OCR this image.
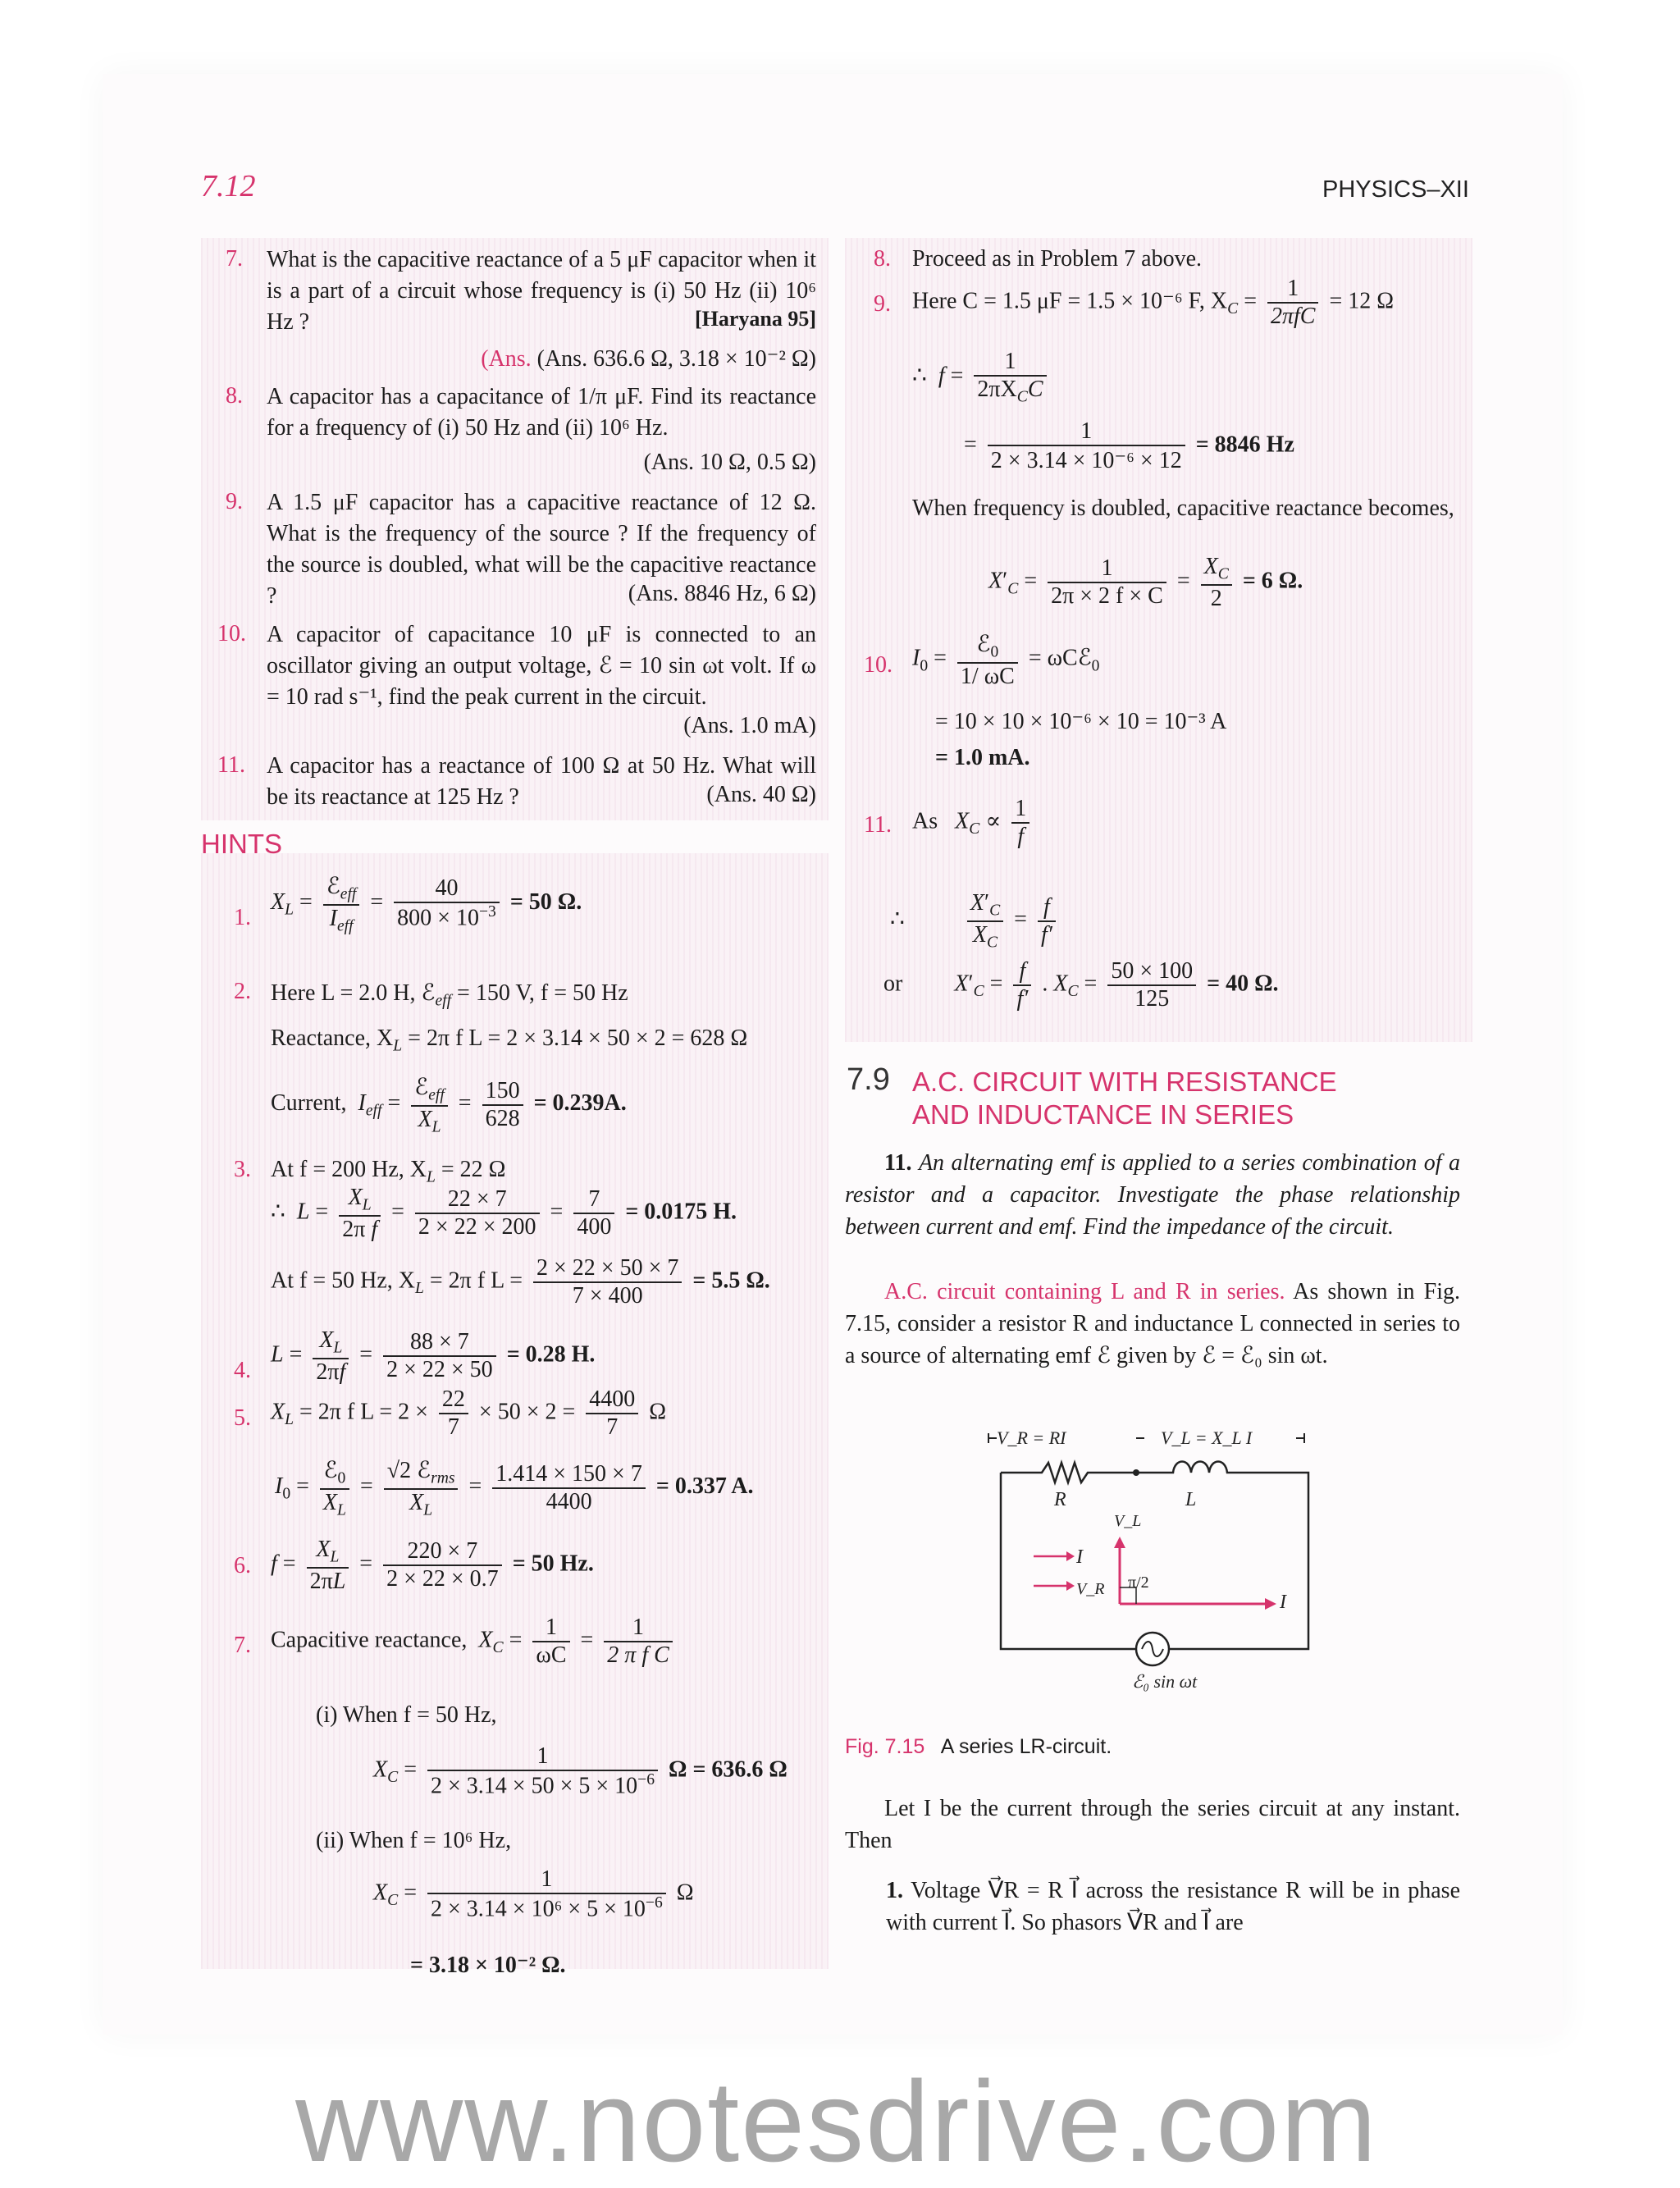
7.12	PHYSICS–XII
7. What is the capacitive reactance of a 5 μF capacitor when it is a part of a circuit whose frequency is (i) 50 Hz (ii) 10⁶ Hz ?	[Haryana 95]
(Ans. (Ans. 636.6 Ω, 3.18 × 10⁻² Ω)
8. A capacitor has a capacitance of 1/π μF. Find its reactance for a frequency of (i) 50 Hz and (ii) 10⁶ Hz.
(Ans. 10 Ω, 0.5 Ω)
9. A 1.5 μF capacitor has a capacitive reactance of 12 Ω. What is the frequency of the source ? If the frequency of the source is doubled, what will be the capacitive reactance ?	(Ans. 8846 Hz, 6 Ω)
10. A capacitor of capacitance 10 μF is connected to an oscillator giving an output voltage, ℰ = 10 sin ωt volt. If ω = 10 rad s⁻¹, find the peak current in the circuit.
(Ans. 1.0 mA)
11. A capacitor has a reactance of 100 Ω at 50 Hz. What will be its reactance at 125 Hz ?	(Ans. 40 Ω)
HINTS
1.
$X_L = \frac{ℰ_{eff}}{I_{eff}} = \frac{40}{800 \times 10^{-3}} = 50$ Ω.
2. Here L = 2.0 H, ℰ$_{eff}$ = 150 V, f = 50 Hz
Reactance, $X_L = 2\pi$ f L = 2 × 3.14 × 50 × 2 = 628 Ω
Current, $I_{eff} = \frac{ℰ_{eff}}{X_L} = \frac{150}{628} = 0.239A$.
3. At f = 200 Hz, $X_L = 22$ Ω
∴  $L = \frac{X_L}{\text{2π f}} = \frac{22 \times 7}{2 \times 22 \times 200} = \frac{7}{400} = 0.0175$ H.
At f = 50 Hz, $X_L = 2\pi$ f $L = \frac{2 \times 22 \times 50 \times 7}{7 \times 400} = 5.5$ Ω.
4.
$L = \frac{X_L}{2\pi f} = \frac{88 \times 7}{2 \times 22 \times 50} = 0.28$ H.
5. $X_L = 2\pi$ f $L = 2 \times \frac{22}{7} \times 50 \times 2 = \frac{4400}{7}$ Ω
$I_0 = \frac{ℰ_0}{X_L} = \frac{√2 ℰ_{rms}}{X_L} = \frac{1.414 \times 150 \times 7}{4400} = 0.337$ A.
6. $f = \frac{X_L}{2\pi L} = \frac{220 \times 7}{2 \times 22 \times 0.7} = 50$ Hz.
7. Capacitive reactance, $X_C = \frac{1}{\omega C} = \frac{1}{\text{2 π f C}}$
(i) When f = 50 Hz,
$X_C = \frac{1}{2 \times 3.14 \times 50 \times 5 \times 10^{-6}}$ Ω = 636.6 Ω
(ii) When f = 10⁶ Hz,
$X_C = \frac{1}{2 \times 3.14 \times 10^6 \times 5 \times 10^{-6}}$ Ω
= 3.18 × 10⁻² Ω.
8. Proceed as in Problem 7 above.
9. Here C = 1.5 μF = 1.5 × 10⁻⁶ F, $X_C = \frac{1}{\text{2πfC}} = 12$ Ω
∴ $f = \frac{1}{2\pi X_CC}$
= $\frac{1}{\text{2 × 3.14 × 10⁻⁶ × 12}} = 8846$ Hz
When frequency is doubled, capacitive reactance becomes,
$X'_C = \frac{1}{2\pi \times 2 f \times C} = \frac{X_C}{2} = 6$ Ω.
10. $I_0 = \frac{ℰ_0}{1/ \omega C}$ = ωCℰ$_0$
= 10 × 10 × 10⁻⁶ × 10 = 10⁻³ A
= 1.0 mA.
11. As $X_C \propto \frac{1}{f}$
∴ $\frac{X'_C}{X_C} = \frac{f}{f'}$
or $X'_C = \frac{f}{f'}$ . $X_C = \frac{50 \times 100}{125} = 40$ Ω.
7.9 A.C. CIRCUIT WITH RESISTANCE
AND INDUCTANCE IN SERIES
11. An alternating emf is applied to a series combination of a resistor and a capacitor. Investigate the phase relationship between current and emf. Find the impedance of the circuit.
A.C. circuit containing L and R in series. As shown in Fig. 7.15, consider a resistor R and inductance L connected in series to a source of alternating emf ℰ given by ℰ = ℰ₀ sin ωt.
V_R = RI	V_L = X_L I
R	L
I
V_R
V_L
I
ℰ₀ sin ωt
π/2
Fig. 7.15 A series LR-circuit.
Let I be the current through the series circuit at any instant. Then
1. Voltage V⃗R = R I⃗ across the resistance R will be in phase with current I⃗. So phasors V⃗R and I⃗ are
www.notesdrive.com
